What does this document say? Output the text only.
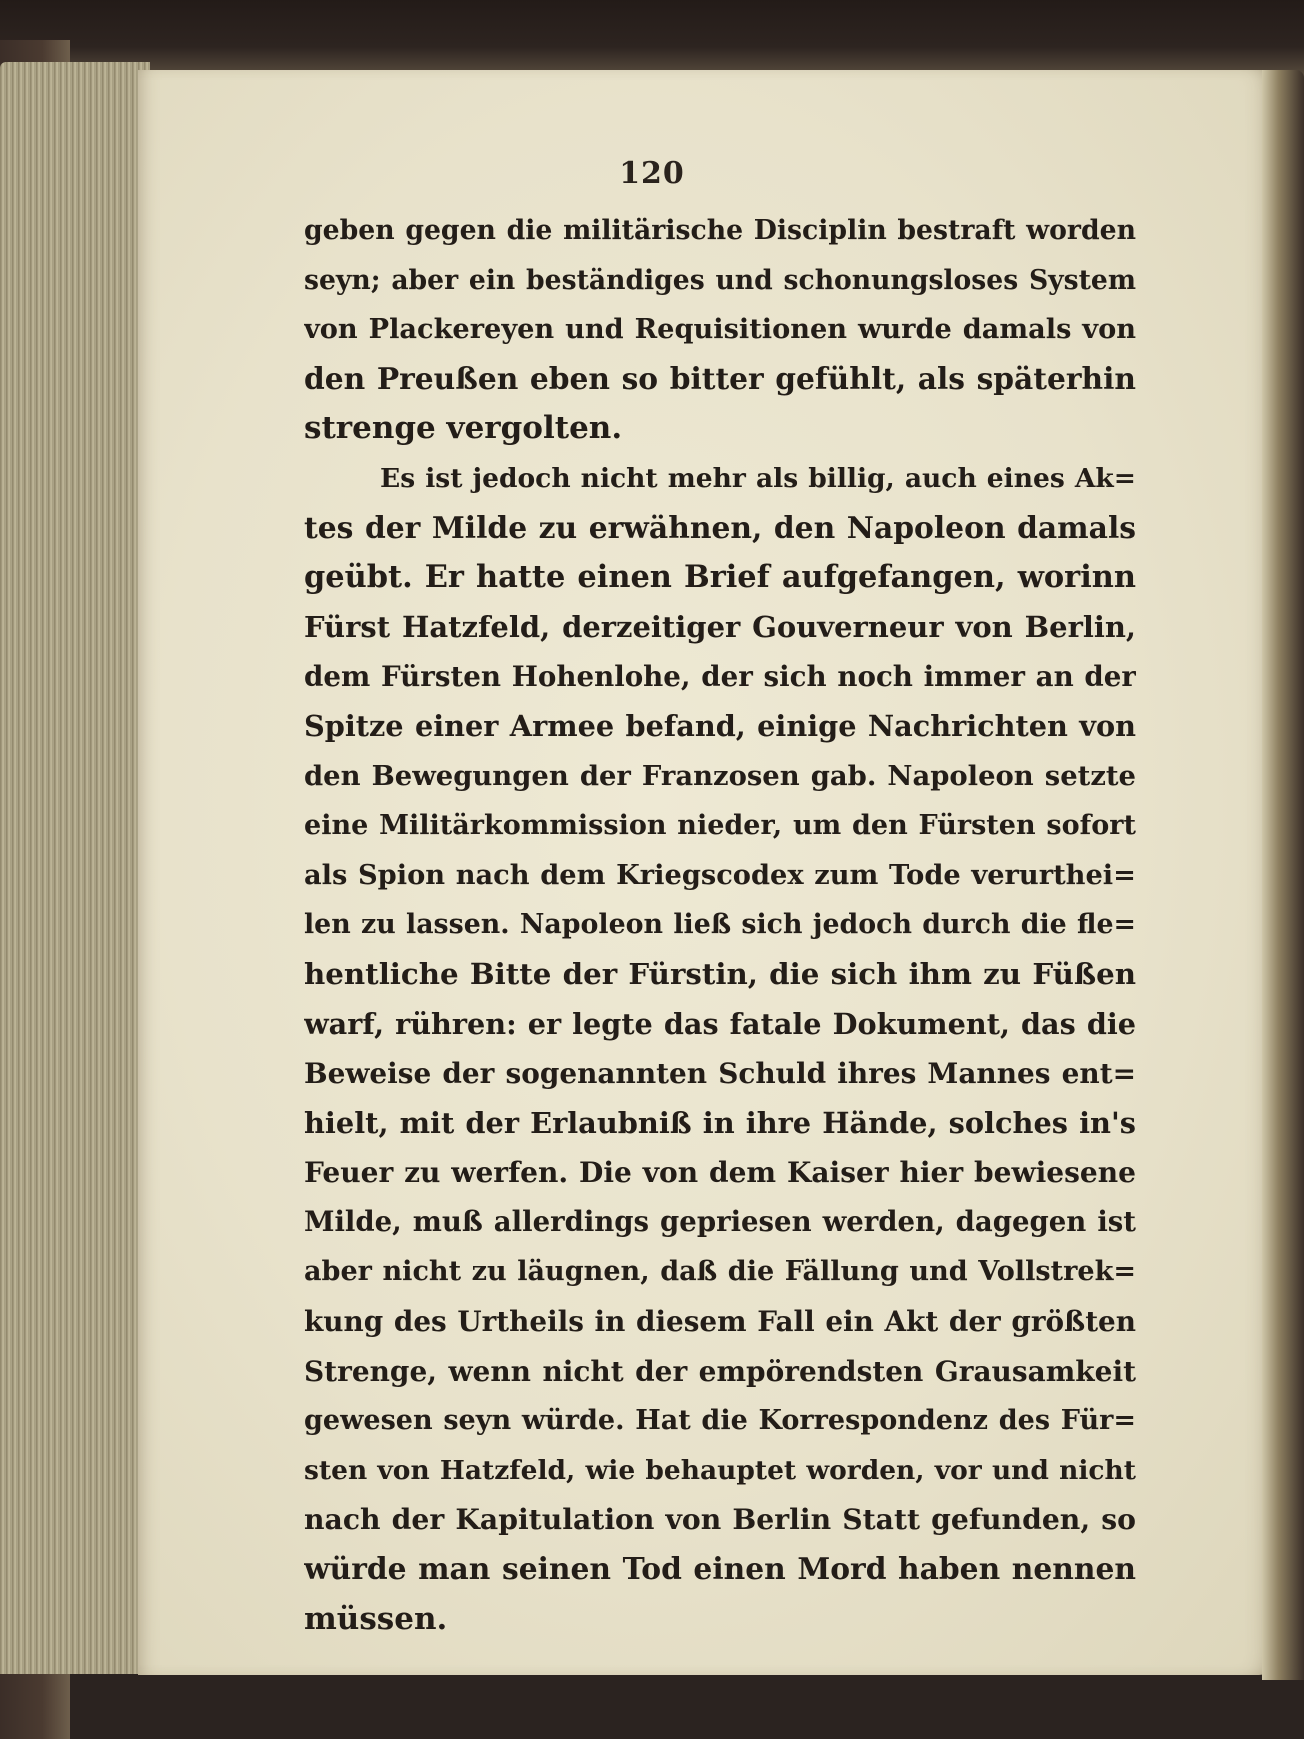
120
geben gegen die militärische Disciplin bestraft worden
seyn; aber ein beständiges und schonungsloses System
von Plackereyen und Requisitionen wurde damals von
den Preußen eben so bitter gefühlt, als späterhin
strenge vergolten.
Es ist jedoch nicht mehr als billig, auch eines Ak=
tes der Milde zu erwähnen, den Napoleon damals
geübt. Er hatte einen Brief aufgefangen, worinn
Fürst Hatzfeld, derzeitiger Gouverneur von Berlin,
dem Fürsten Hohenlohe, der sich noch immer an der
Spitze einer Armee befand, einige Nachrichten von
den Bewegungen der Franzosen gab. Napoleon setzte
eine Militärkommission nieder, um den Fürsten sofort
als Spion nach dem Kriegscodex zum Tode verurthei=
len zu lassen. Napoleon ließ sich jedoch durch die fle=
hentliche Bitte der Fürstin, die sich ihm zu Füßen
warf, rühren: er legte das fatale Dokument, das die
Beweise der sogenannten Schuld ihres Mannes ent=
hielt, mit der Erlaubniß in ihre Hände, solches in's
Feuer zu werfen. Die von dem Kaiser hier bewiesene
Milde, muß allerdings gepriesen werden, dagegen ist
aber nicht zu läugnen, daß die Fällung und Vollstrek=
kung des Urtheils in diesem Fall ein Akt der größten
Strenge, wenn nicht der empörendsten Grausamkeit
gewesen seyn würde. Hat die Korrespondenz des Für=
sten von Hatzfeld, wie behauptet worden, vor und nicht
nach der Kapitulation von Berlin Statt gefunden, so
würde man seinen Tod einen Mord haben nennen
müssen.
